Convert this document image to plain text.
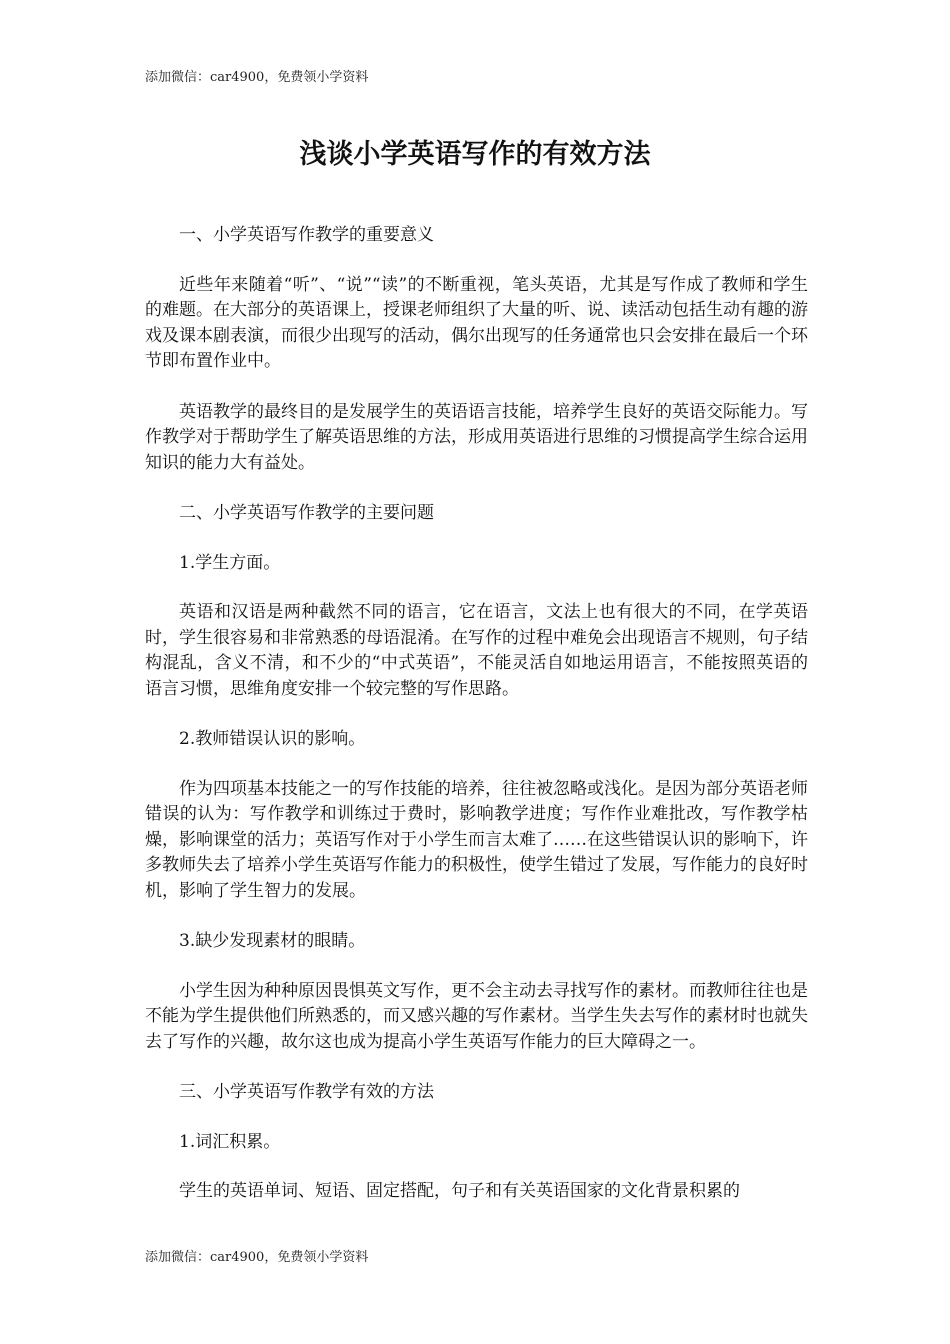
添加微信：car4900，免费领小学资料
浅谈小学英语写作的有效方法

一、小学英语写作教学的重要意义

近些年来随着“听”、“说”“读”的不断重视，笔头英语，尤其是写作成了教师和学生的难题。在大部分的英语课上，授课老师组织了大量的听、说、读活动包括生动有趣的游戏及课本剧表演，而很少出现写的活动，偶尔出现写的任务通常也只会安排在最后一个环节即布置作业中。

英语教学的最终目的是发展学生的英语语言技能，培养学生良好的英语交际能力。写作教学对于帮助学生了解英语思维的方法，形成用英语进行思维的习惯提高学生综合运用知识的能力大有益处。

二、小学英语写作教学的主要问题

1.学生方面。

英语和汉语是两种截然不同的语言，它在语言，文法上也有很大的不同，在学英语时，学生很容易和非常熟悉的母语混淆。在写作的过程中难免会出现语言不规则，句子结构混乱，含义不清，和不少的“中式英语”，不能灵活自如地运用语言，不能按照英语的语言习惯，思维角度安排一个较完整的写作思路。

2.教师错误认识的影响。

作为四项基本技能之一的写作技能的培养，往往被忽略或浅化。是因为部分英语老师错误的认为：写作教学和训练过于费时，影响教学进度；写作作业难批改，写作教学枯燥，影响课堂的活力；英语写作对于小学生而言太难了……在这些错误认识的影响下，许多教师失去了培养小学生英语写作能力的积极性，使学生错过了发展，写作能力的良好时机，影响了学生智力的发展。

3.缺少发现素材的眼睛。

小学生因为种种原因畏惧英文写作，更不会主动去寻找写作的素材。而教师往往也是不能为学生提供他们所熟悉的，而又感兴趣的写作素材。当学生失去写作的素材时也就失去了写作的兴趣，故尔这也成为提高小学生英语写作能力的巨大障碍之一。

三、小学英语写作教学有效的方法

1.词汇积累。

学生的英语单词、短语、固定搭配，句子和有关英语国家的文化背景积累的

添加微信：car4900，免费领小学资料
